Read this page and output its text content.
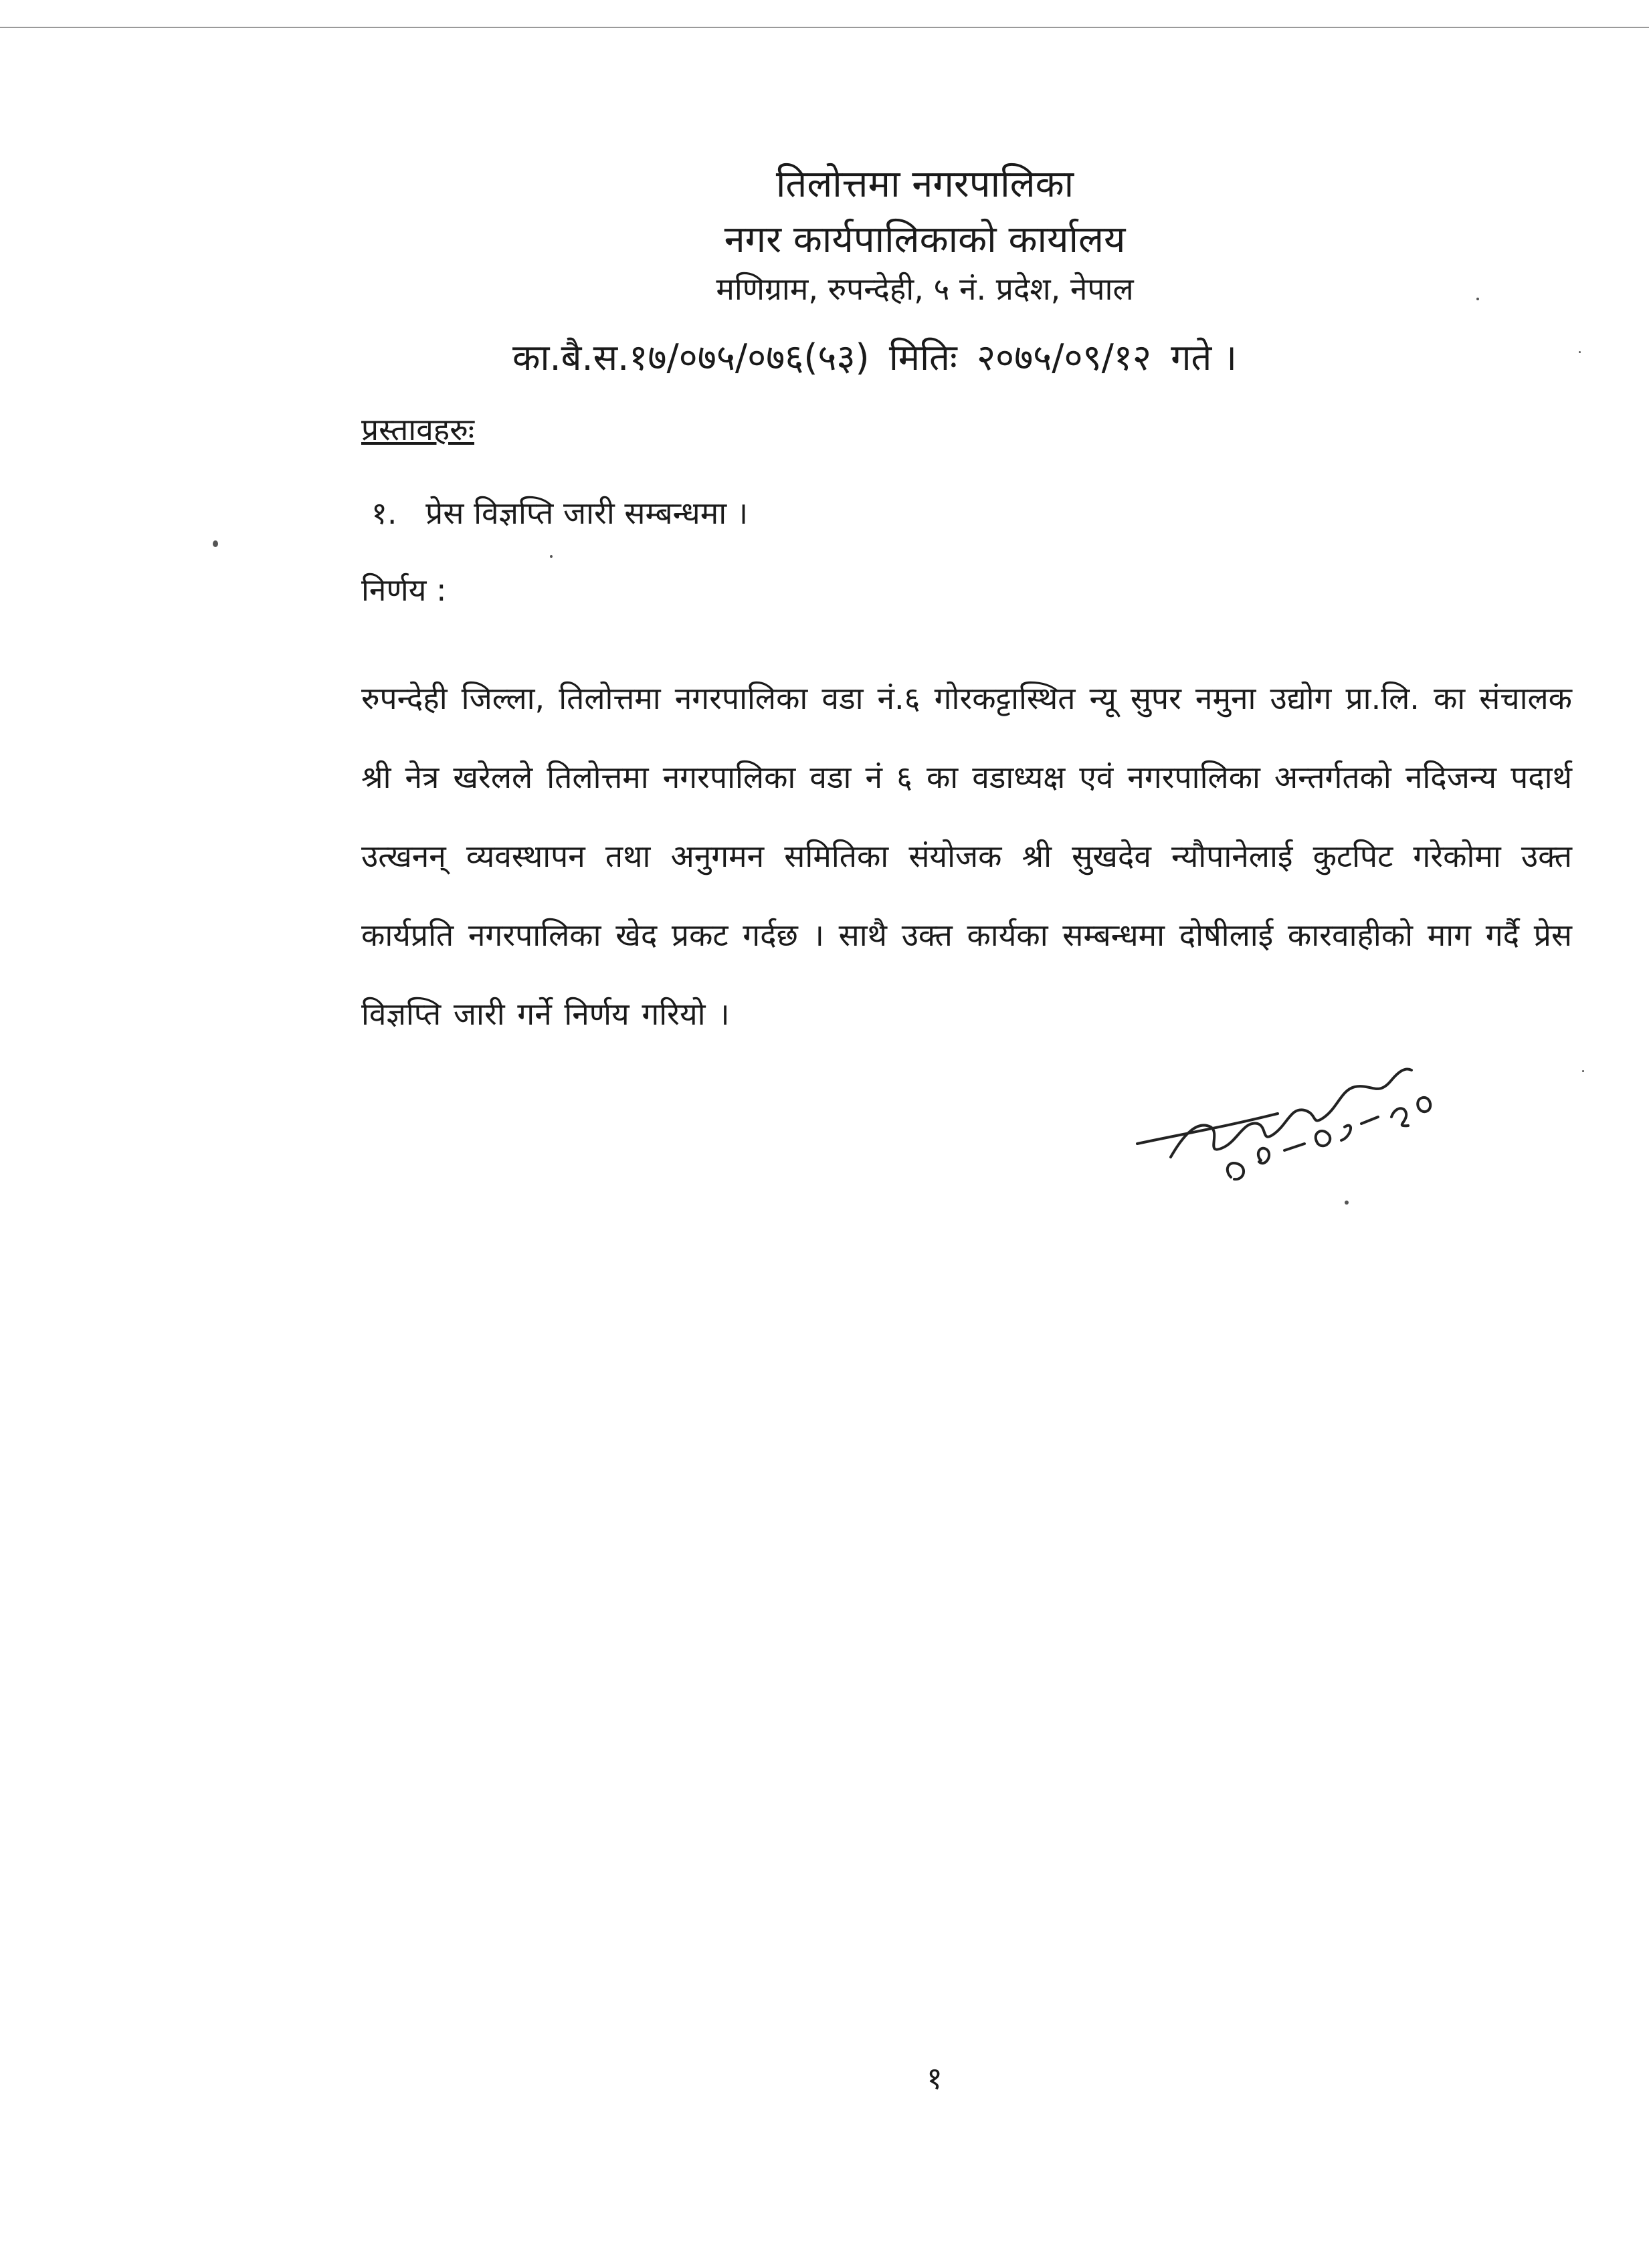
तिलोत्तमा नगरपालिका
नगर कार्यपालिकाको कार्यालय
मणिग्राम, रुपन्देही, ५ नं. प्रदेश, नेपाल
का.बै.स.१७/०७५/०७६(५३) मितिः २०७५/०९/१२ गते ।
प्रस्तावहरुः
१. प्रेस विज्ञप्ति जारी सम्बन्धमा ।
निर्णय :
रुपन्देही जिल्ला, तिलोत्तमा नगरपालिका वडा नं.६ गोरकट्टास्थित न्यू सुपर नमुना उद्योग प्रा.लि. का संचालक श्री नेत्र खरेलले तिलोत्तमा नगरपालिका वडा नं ६ का वडाध्यक्ष एवं नगरपालिका अन्तर्गतको नदिजन्य पदार्थ उत्खनन् व्यवस्थापन तथा अनुगमन समितिका संयोजक श्री सुखदेव न्यौपानेलाई कुटपिट गरेकोमा उक्त कार्यप्रति नगरपालिका खेद प्रकट गर्दछ । साथै उक्त कार्यका सम्बन्धमा दोषीलाई कारवाहीको माग गर्दै प्रेस विज्ञप्ति जारी गर्ने निर्णय गरियो ।
१
